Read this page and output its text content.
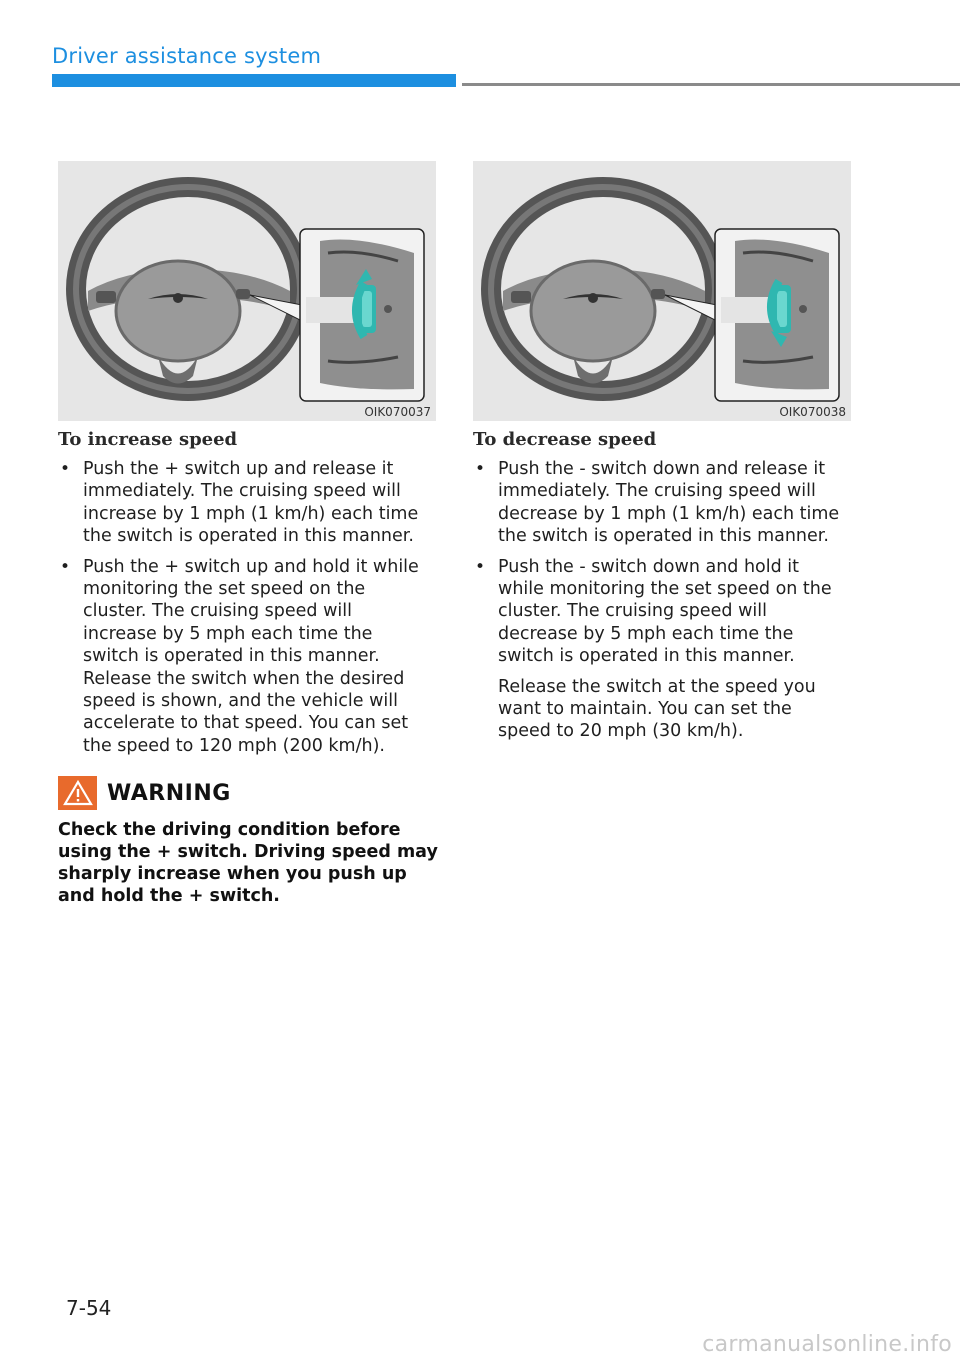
Driver assistance system
OIK070037	OIK070038
To increase speed
• Push the + switch up and release it immediately. The cruising speed will increase by 1 mph (1 km/h) each time the switch is operated in this manner.
• Push the + switch up and hold it while monitoring the set speed on the cluster. The cruising speed will increase by 5 mph each time the switch is operated in this manner. Release the switch when the desired speed is shown, and the vehicle will accelerate to that speed. You can set the speed to 120 mph (200 km/h).
To decrease speed
• Push the - switch down and release it immediately. The cruising speed will decrease by 1 mph (1 km/h) each time the switch is operated in this manner.
• Push the - switch down and hold it while monitoring the set speed on the cluster. The cruising speed will decrease by 5 mph each time the switch is operated in this manner.

Release the switch at the speed you want to maintain. You can set the speed to 20 mph (30 km/h).

WARNING

Check the driving condition before using the + switch. Driving speed may sharply increase when you push up and hold the + switch.

7-54
carmanualsonline.info
